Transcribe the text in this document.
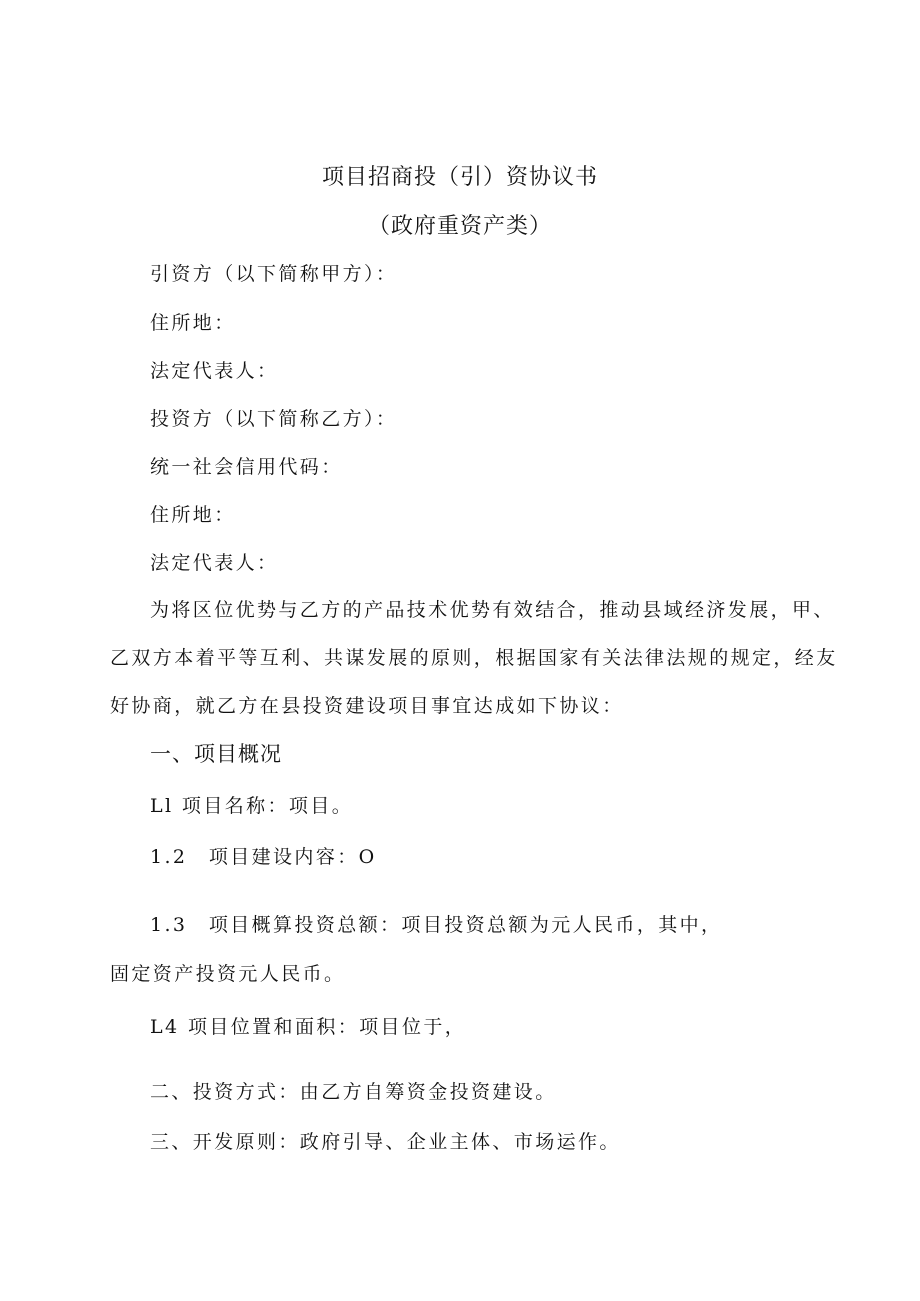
项目招商投（引）资协议书
（政府重资产类）
引资方（以下简称甲方）：
住所地：
法定代表人：
投资方（以下简称乙方）：
统一社会信用代码：
住所地：
法定代表人：
为将区位优势与乙方的产品技术优势有效结合，推动县域经济发展，甲、
乙双方本着平等互利、共谋发展的原则，根据国家有关法律法规的规定，经友
好协商，就乙方在县投资建设项目事宜达成如下协议：
一、项目概况
Ll 项目名称：项目。
1.2　项目建设内容：O
1.3　项目概算投资总额：项目投资总额为元人民币，其中，
固定资产投资元人民币。
L4 项目位置和面积：项目位于，
二、投资方式：由乙方自筹资金投资建设。
三、开发原则：政府引导、企业主体、市场运作。
